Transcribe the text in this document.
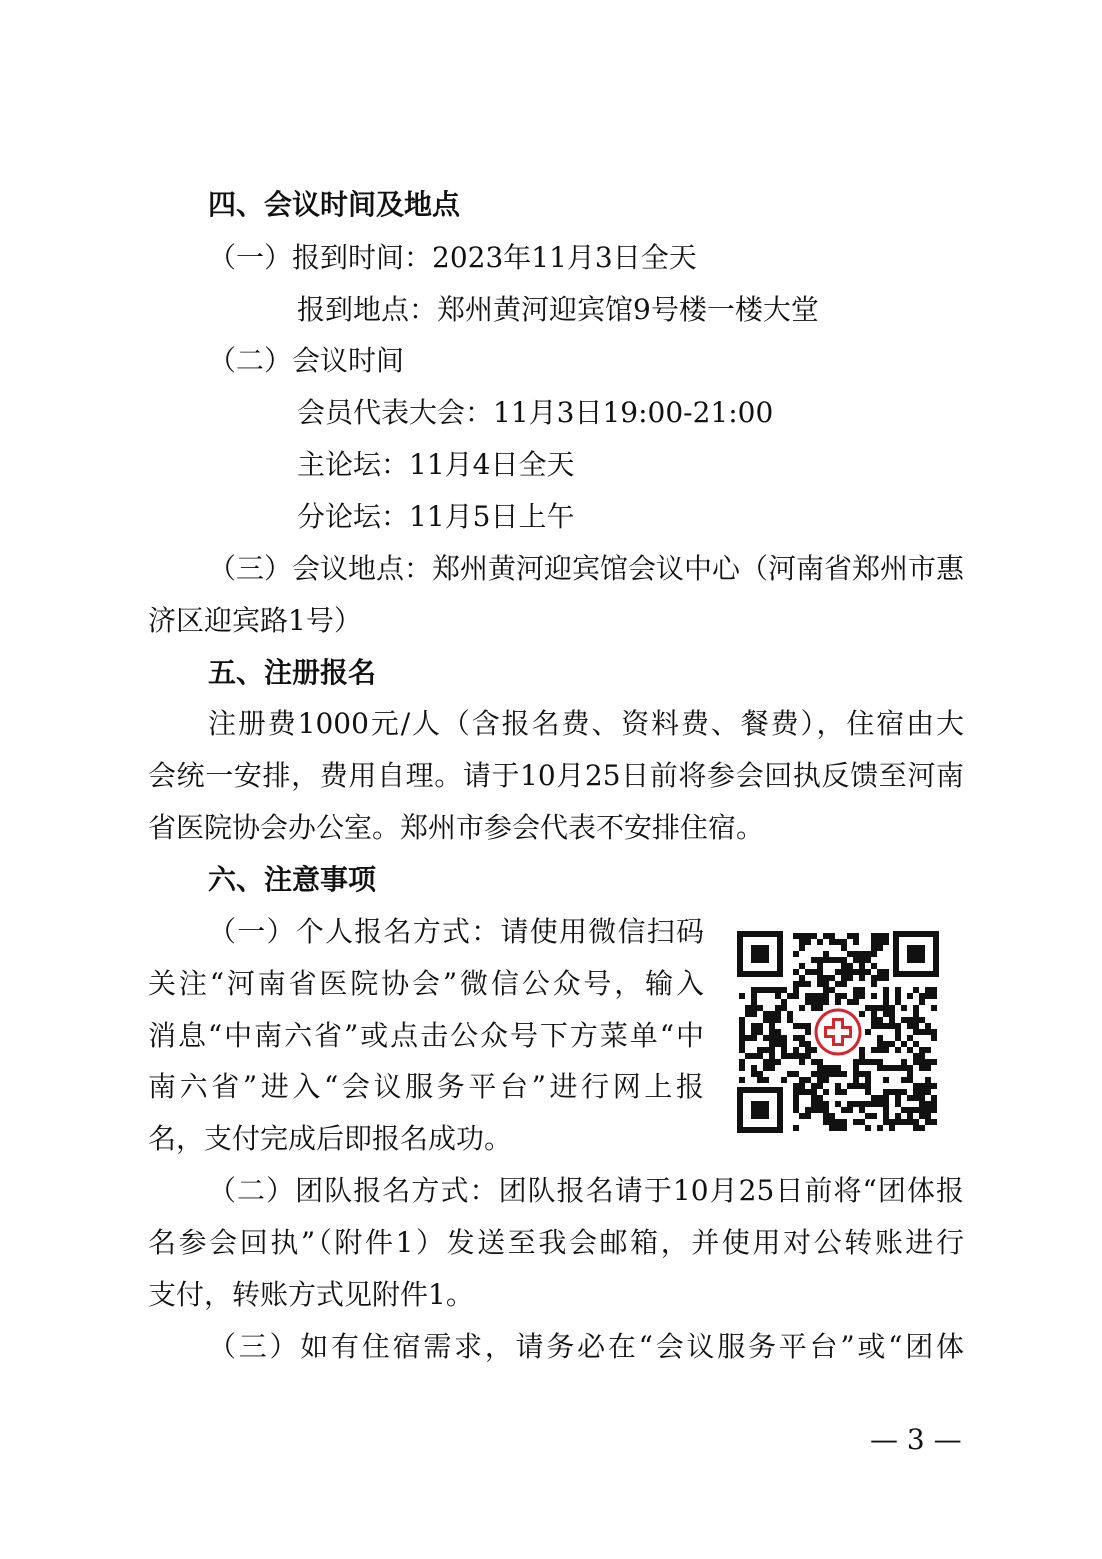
四、会议时间及地点
（一）报到时间：2023年11月3日全天
报到地点：郑州黄河迎宾馆9号楼一楼大堂
（二）会议时间
会员代表大会：11月3日19:00-21:00
主论坛：11月4日全天
分论坛：11月5日上午
（三）会议地点：郑州黄河迎宾馆会议中心（河南省郑州市惠
济区迎宾路1号）
五、注册报名
注册费1000元/人（含报名费、资料费、餐费），住宿由大
会统一安排，费用自理。请于10月25日前将参会回执反馈至河南
省医院协会办公室。郑州市参会代表不安排住宿。
六、注意事项
（一）个人报名方式：请使用微信扫码
关注“河南省医院协会”微信公众号，输入
消息“中南六省”或点击公众号下方菜单“中
南六省”进入“会议服务平台”进行网上报
名，支付完成后即报名成功。
（二）团队报名方式：团队报名请于10月25日前将“团体报
名参会回执”（附件1）发送至我会邮箱，并使用对公转账进行
支付，转账方式见附件1。
（三）如有住宿需求，请务必在“会议服务平台”或“团体
— 3 —
